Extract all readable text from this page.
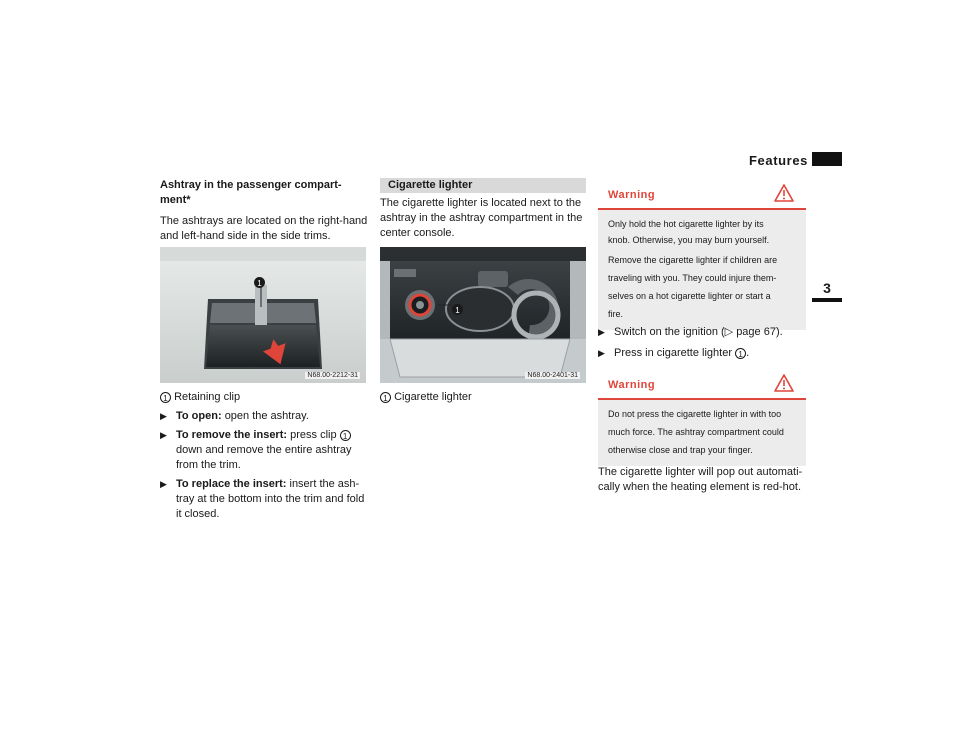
Features
3

Ashtray in the passenger compart-

ment*

The ashtrays are located on the right-hand

and left-hand side in the side trims.

1
N68.00-2212-31

1 Retaining clip

▶ To open: open the ashtray.

▶ To remove the insert: press clip 1

down and remove the entire ashtray

from the trim.

▶ To replace the insert: insert the ash-

tray at the bottom into the trim and fold

it closed.

Cigarette lighter

The cigarette lighter is located next to the

ashtray in the ashtray compartment in the

center console.

1
N68.00-2401-31

1 Cigarette lighter

Warning

Only hold the hot cigarette lighter by its

knob. Otherwise, you may burn yourself.

Remove the cigarette lighter if children are

traveling with you. They could injure them-

selves on a hot cigarette lighter or start a

fire.

▶ Switch on the ignition (▷ page 67).

▶ Press in cigarette lighter 1 .

Warning

Do not press the cigarette lighter in with too

much force. The ashtray compartment could

otherwise close and trap your finger.

The cigarette lighter will pop out automati-

cally when the heating element is red-hot.
